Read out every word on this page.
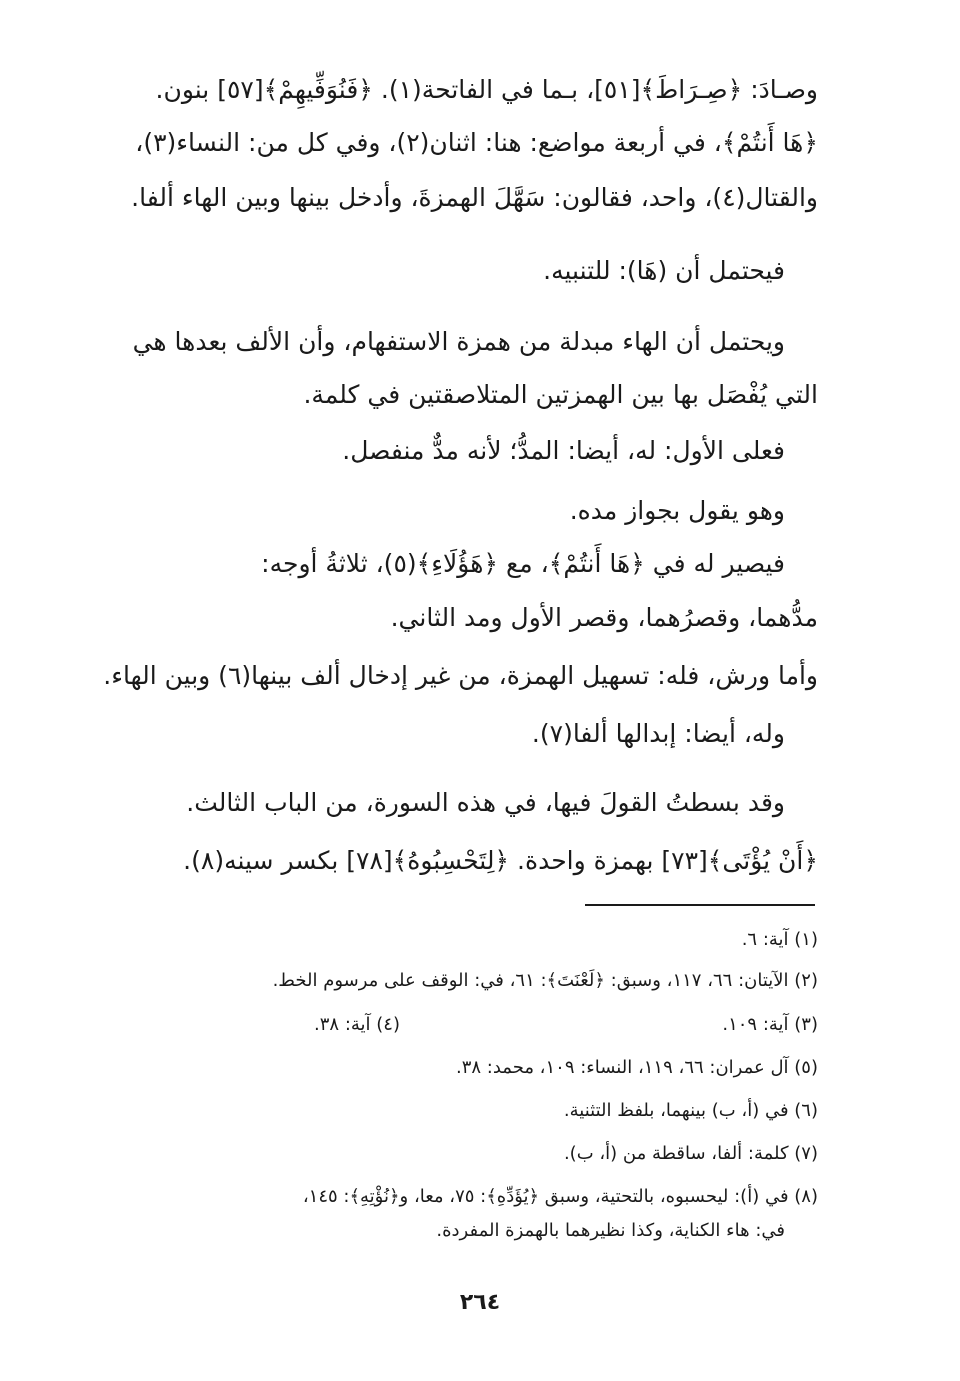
وصـادَ: ﴿صِـرَاطَ﴾[٥١]، بـما في الفاتحة(١). ﴿فَنُوَفِّيهِمْ﴾[٥٧] بنون.
﴿هَا أَنتُمْ﴾، في أربعة مواضع: هنا: اثنان(٢)، وفي كل من: النساء(٣)،
والقتال(٤)، واحد، فقالون: سَهَّلَ الهمزةَ، وأدخل بينها وبين الهاء ألفا.
فيحتمل أن (هَا): للتنبيه.
ويحتمل أن الهاء مبدلة من همزة الاستفهام، وأن الألف بعدها هي
التي يُفْصَل بها بين الهمزتين المتلاصقتين في كلمة.
فعلى الأول: له، أيضا: المدُّ؛ لأنه مدٌّ منفصل.
وهو يقول بجواز مده.
فيصير له في ﴿هَا أَنتُمْ﴾، مع ﴿هَؤُلَاءِ﴾(٥)، ثلاثةُ أوجه:
مدُّهما، وقصرُهما، وقصر الأول ومد الثاني.
وأما ورش، فله: تسهيل الهمزة، من غير إدخال ألف بينها(٦) وبين الهاء.
وله، أيضا: إبدالها ألفا(٧).
وقد بسطتُ القولَ فيها، في هذه السورة، من الباب الثالث.
﴿أَنْ يُؤْتَى﴾[٧٣] بهمزة واحدة. ﴿لِتَحْسِبُوهُ﴾[٧٨] بكسر سينه(٨).
(١) آية: ٦.
(٢) الآيتان: ٦٦، ١١٧، وسبق: ﴿لَعْنَتَ﴾: ٦١، في: الوقف على مرسوم الخط.
(٣) آية: ١٠٩.
(٤) آية: ٣٨.
(٥) آل عمران: ٦٦، ١١٩، النساء: ١٠٩، محمد: ٣٨.
(٦) في (أ، ب) بينهما، بلفظ التثنية.
(٧) كلمة: ألفا، ساقطة من (أ، ب).
(٨) في (أ): ليحسبوه، بالتحتية، وسبق ﴿يُؤَدِّهِ﴾: ٧٥، معا، و﴿نُؤْتِهِ﴾: ١٤٥،
في: هاء الكناية، وكذا نظيرهما بالهمزة المفردة.
٢٦٤
